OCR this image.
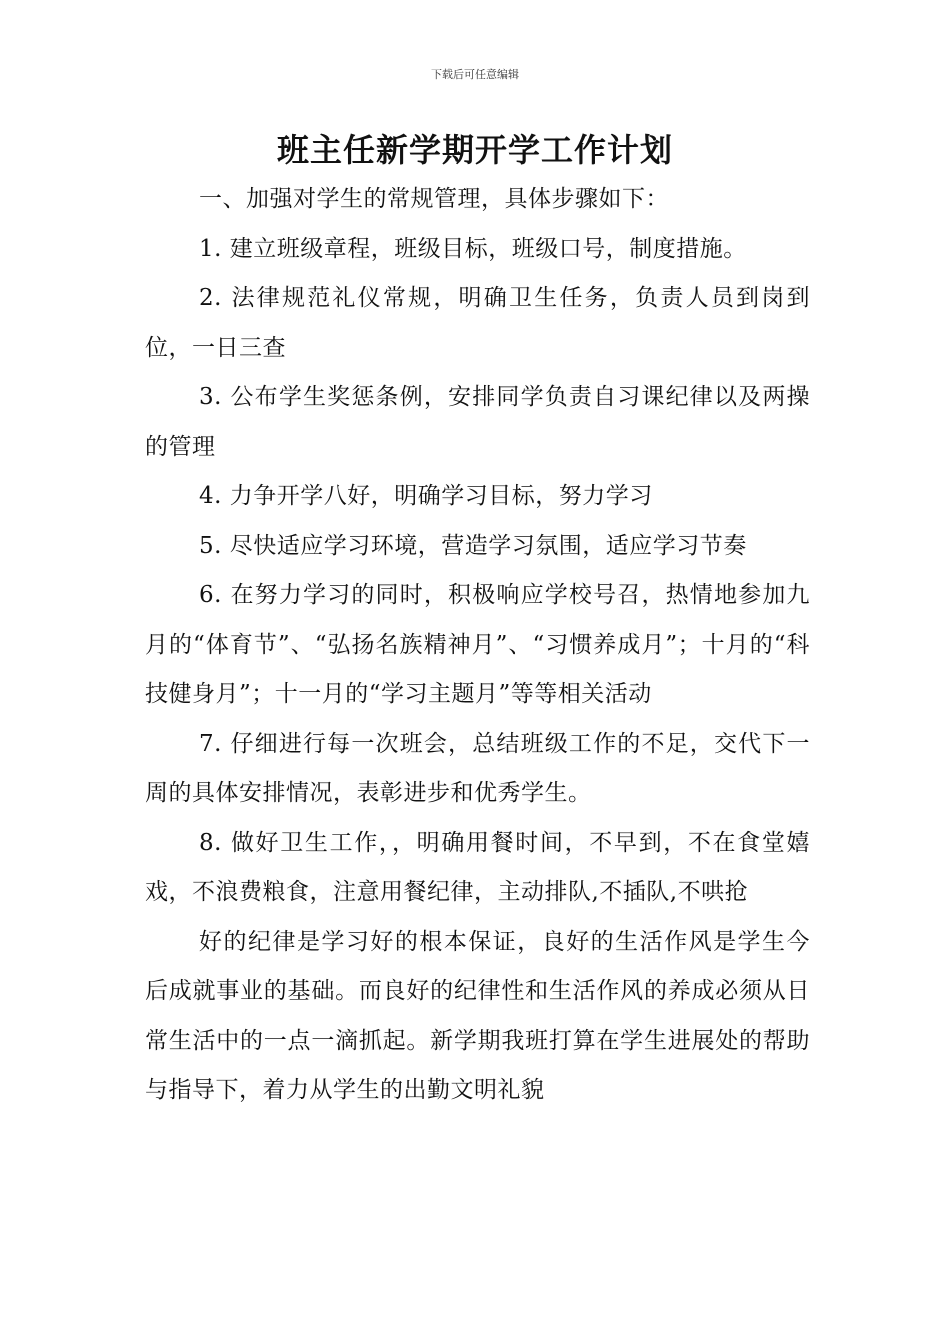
下载后可任意编辑
班主任新学期开学工作计划

一、加强对学生的常规管理，具体步骤如下：

1. 建立班级章程，班级目标，班级口号，制度措施。

2. 法律规范礼仪常规，明确卫生任务，负责人员到岗到位，一日三查

3. 公布学生奖惩条例，安排同学负责自习课纪律以及两操的管理

4. 力争开学八好，明确学习目标，努力学习

5. 尽快适应学习环境，营造学习氛围，适应学习节奏

6. 在努力学习的同时，积极响应学校号召，热情地参加九月的“体育节”、“弘扬名族精神月”、“习惯养成月”；十月的“科技健身月”；十一月的“学习主题月”等等相关活动

7. 仔细进行每一次班会，总结班级工作的不足，交代下一周的具体安排情况，表彰进步和优秀学生。

8. 做好卫生工作，，明确用餐时间，不早到，不在食堂嬉戏，不浪费粮食，注意用餐纪律，主动排队,不插队,不哄抢

好的纪律是学习好的根本保证，良好的生活作风是学生今后成就事业的基础。而良好的纪律性和生活作风的养成必须从日常生活中的一点一滴抓起。新学期我班打算在学生进展处的帮助与指导下，着力从学生的出勤文明礼貌
